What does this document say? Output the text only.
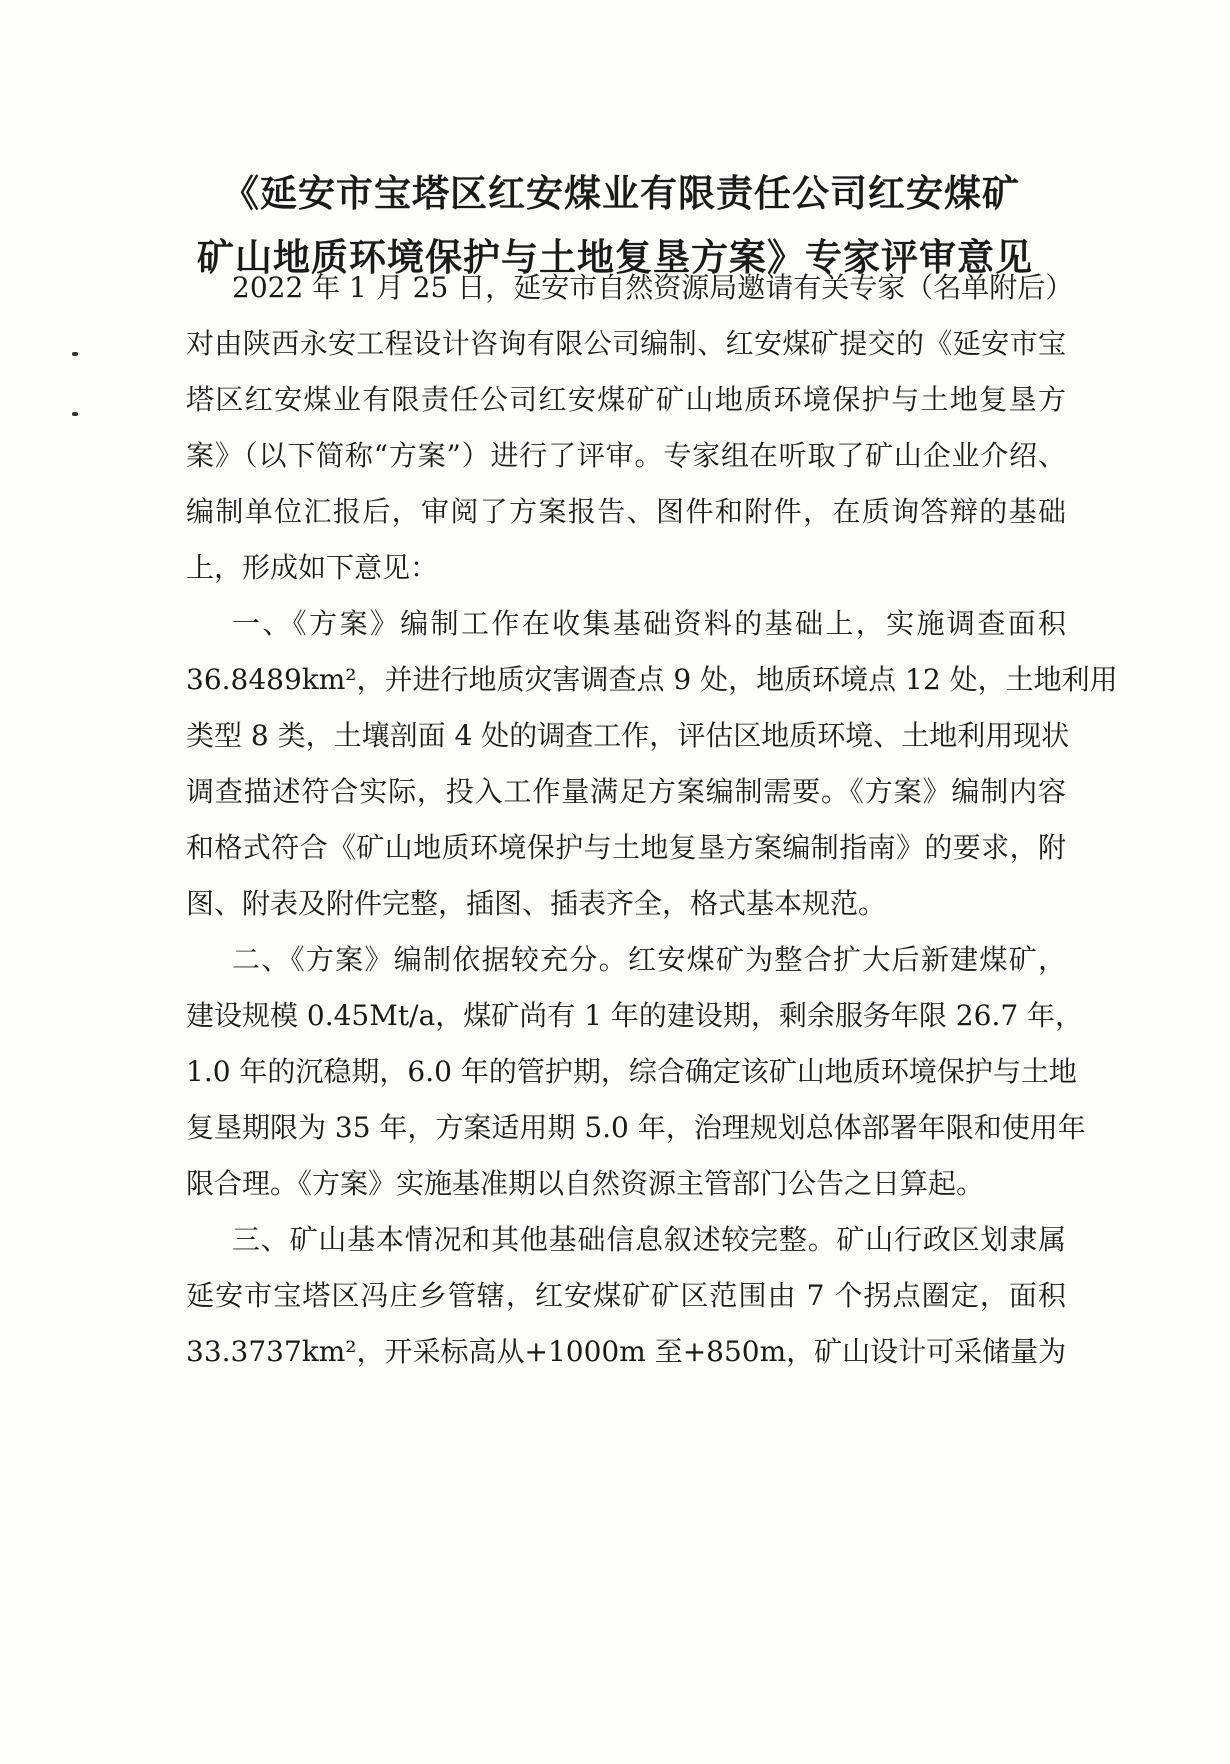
《延安市宝塔区红安煤业有限责任公司红安煤矿
矿山地质环境保护与土地复垦方案》专家评审意见
2022 年 1 月 25 日，延安市自然资源局邀请有关专家（名单附后）
对由陕西永安工程设计咨询有限公司编制、红安煤矿提交的《延安市宝
塔区红安煤业有限责任公司红安煤矿矿山地质环境保护与土地复垦方
案》（以下简称“方案”）进行了评审。专家组在听取了矿山企业介绍、
编制单位汇报后，审阅了方案报告、图件和附件，在质询答辩的基础
上，形成如下意见：
一、《方案》编制工作在收集基础资料的基础上，实施调查面积
36.8489km²，并进行地质灾害调查点 9 处，地质环境点 12 处，土地利用
类型 8 类，土壤剖面 4 处的调查工作，评估区地质环境、土地利用现状
调查描述符合实际，投入工作量满足方案编制需要。《方案》编制内容
和格式符合《矿山地质环境保护与土地复垦方案编制指南》的要求，附
图、附表及附件完整，插图、插表齐全，格式基本规范。
二、《方案》编制依据较充分。红安煤矿为整合扩大后新建煤矿，
建设规模 0.45Mt/a，煤矿尚有 1 年的建设期，剩余服务年限 26.7 年，
1.0 年的沉稳期，6.0 年的管护期，综合确定该矿山地质环境保护与土地
复垦期限为 35 年，方案适用期 5.0 年，治理规划总体部署年限和使用年
限合理。《方案》实施基准期以自然资源主管部门公告之日算起。
三、矿山基本情况和其他基础信息叙述较完整。矿山行政区划隶属
延安市宝塔区冯庄乡管辖，红安煤矿矿区范围由 7 个拐点圈定，面积
33.3737km²，开采标高从+1000m 至+850m，矿山设计可采储量为
